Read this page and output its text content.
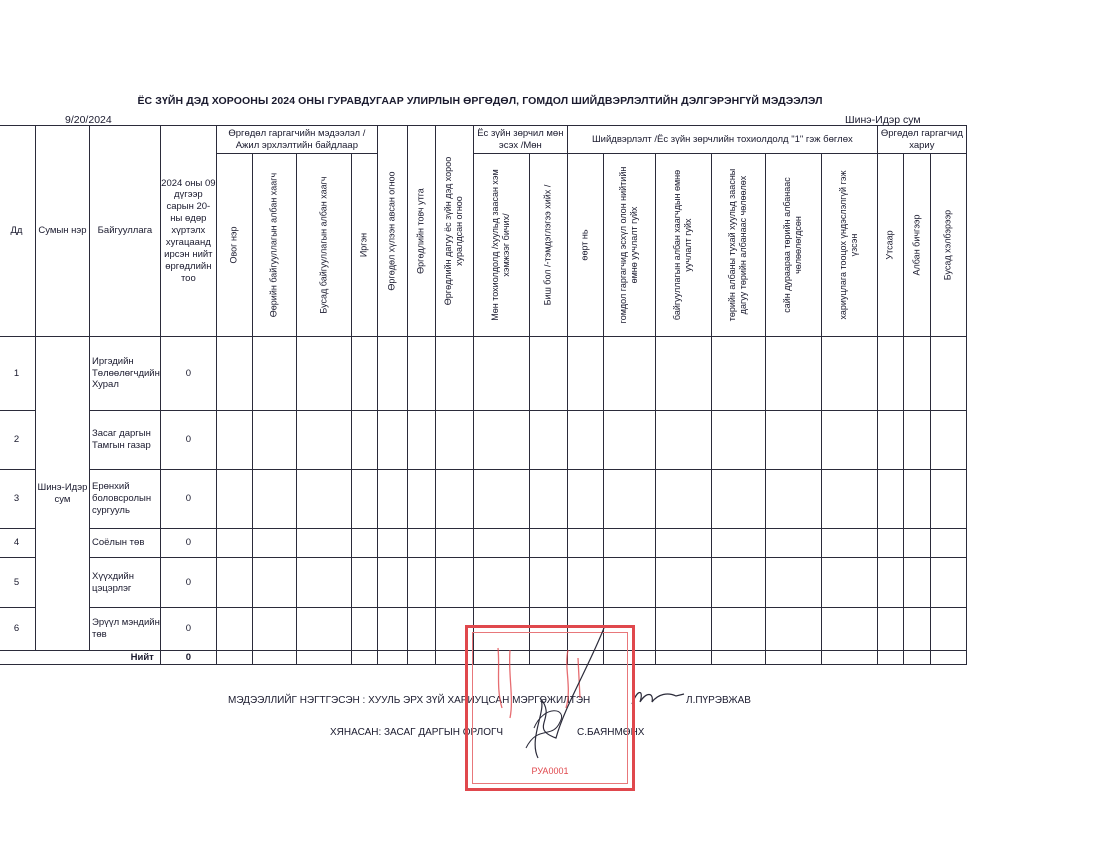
ЁС ЗҮЙН ДЭД ХОРООНЫ 2024 ОНЫ ГУРАВДУГААР УЛИРЛЫН ӨРГӨДӨЛ, ГОМДОЛ ШИЙДВЭРЛЭЛТИЙН ДЭЛГЭРЭНГҮЙ МЭДЭЭЛЭЛ
9/20/2024	Шинэ-Идэр сум
Дд	Сумын нэр	Байгууллага	2024 оны 09 дүгээр сарын 20-ны өдөр хүртэлх хугацаанд ирсэн нийт өргөдлийн тоо	Өргөдөл гаргагчийн мэдээлэл /Ажил эрхлэлтийн байдлаар				Өргөдөл хүлээн авсан огноо	Өргөдлийн товч утга	Өргөдлийн дагуу ёс зүйн дэд хороо хуралдсан огноо	Ёс зүйн зөрчил мөн эсэх /Мөн		Шийдвэрлэлт /Ёс зүйн зөрчлийн тохиолдолд "1" гэж бөглөх						Өргөдөл гаргагчид хариу		

				Овог нэр	Өөрийн байгууллагын албан хаагч	Бусад байгууллагын албан хаагч	Иргэн				Мөн тохиолдолд /хуульд заасан хэм хэмжээг бичих/	Биш бол /-тэмдэглэгээ хийх /	өөрт нь	гомдол гаргагчид эсхүл олон нийтийн өмнө уучлалт гуйх	байгууллагын албан хаагчдын өмнө уучлалт гуйх	төрийн албаны тухай хуульд заасны дагуу төрийн албанаас чөлөөлөх	сайн дураараа төрийн албанаас чөлөөлөгдсөн	хариуцлага тооцох үндэслэлгүй гэж үзсэн	Утсаар	Албан бичгээр	Бусад хэлбэрээр

1	Шинэ-Идэр сум	Иргэдийн Төлөөлөгчдийн Хурал	0																		
2		Засаг даргын Тамгын газар	0																		
3		Ерөнхий боловсролын сургууль	0																		
4		Соёлын төв	0																		
5		Хүүхдийн цэцэрлэг	0																		
6		Эрүүл мэндийн төв	0																		
Нийт			0																		
МЭДЭЭЛЛИЙГ НЭГТГЭСЭН : ХУУЛЬ ЭРХ ЗҮЙ ХАРИУЦСАН МЭРГЭЖИЛТЭН	Л.ПҮРЭВЖАВ
ХЯНАСАН: ЗАСАГ ДАРГЫН ОРЛОГЧ	С.БАЯНМӨНХ
РУА0001
